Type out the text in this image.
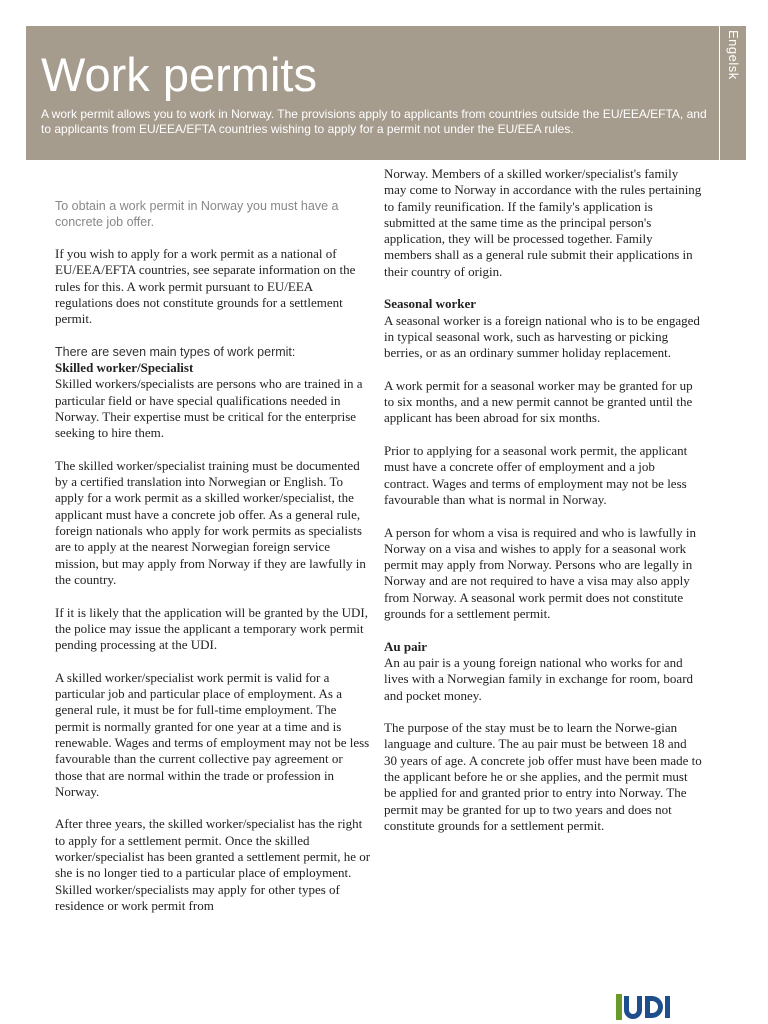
Work permits

A work permit allows you to work in Norway. The provisions apply to applicants from countries outside the EU/EEA/EFTA, and to applicants from EU/EEA/EFTA countries wishing to apply for a permit not under the EU/EEA rules.

Engelsk

To obtain a work permit in Norway you must have a concrete job offer.

If you wish to apply for a work permit as a national of EU/EEA/EFTA countries, see separate information on the rules for this. A work permit pursuant to EU/EEA regulations does not constitute grounds for a settlement permit.

There are seven main types of work permit:

Skilled worker/Specialist

Skilled workers/specialists are persons who are trained in a particular field or have special qualifications needed in Norway. Their expertise must be critical for the enterprise seeking to hire them.

The skilled worker/specialist training must be documented by a certified translation into Norwegian or English. To apply for a work permit as a skilled worker/specialist, the applicant must have a concrete job offer. As a general rule, foreign nationals who apply for work permits as specialists are to apply at the nearest Norwegian foreign service mission, but may apply from Norway if they are lawfully in the country.

If it is likely that the application will be granted by the UDI, the police may issue the applicant a temporary work permit pending processing at the UDI.

A skilled worker/specialist work permit is valid for a particular job and particular place of employment. As a general rule, it must be for full-time employment. The permit is normally granted for one year at a time and is renewable. Wages and terms of employment may not be less favourable than the current collective pay agreement or those that are normal within the trade or profession in Norway.

After three years, the skilled worker/specialist has the right to apply for a settlement permit. Once the skilled worker/specialist has been granted a settlement permit, he or she is no longer tied to a particular place of employment. Skilled worker/specialists may apply for other types of residence or work permit from

Norway. Members of a skilled worker/specialist's family may come to Norway in accordance with the rules pertaining to family reunification. If the family's application is submitted at the same time as the principal person's application, they will be processed together. Family members shall as a general rule submit their applications in their country of origin.

Seasonal worker

A seasonal worker is a foreign national who is to be engaged in typical seasonal work, such as harvesting or picking berries, or as an ordinary summer holiday replacement.

A work permit for a seasonal worker may be granted for up to six months, and a new permit cannot be granted until the applicant has been abroad for six months.

Prior to applying for a seasonal work permit, the applicant must have a concrete offer of employment and a job contract. Wages and terms of employment may not be less favourable than what is normal in Norway.

A person for whom a visa is required and who is lawfully in Norway on a visa and wishes to apply for a seasonal work permit may apply from Norway. Persons who are legally in Norway and are not required to have a visa may also apply from Norway. A seasonal work permit does not constitute grounds for a settlement permit.

Au pair

An au pair is a young foreign national who works for and lives with a Norwegian family in exchange for room, board and pocket money.

The purpose of the stay must be to learn the Norwe-gian language and culture. The au pair must be between 18 and 30 years of age. A concrete job offer must have been made to the applicant before he or she applies, and the permit must be applied for and granted prior to entry into Norway. The permit may be granted for up to two years and does not constitute grounds for a settlement permit.
